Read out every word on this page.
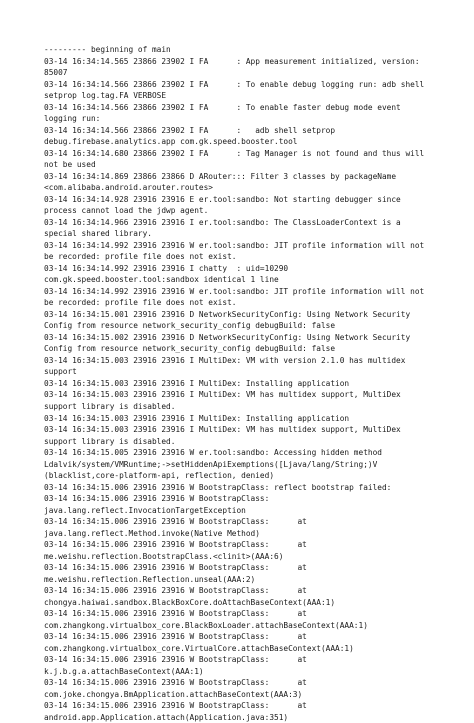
--------- beginning of main
03-14 16:34:14.565 23866 23902 I FA      : App measurement initialized, version:
85007
03-14 16:34:14.566 23866 23902 I FA      : To enable debug logging run: adb shell
setprop log.tag.FA VERBOSE
03-14 16:34:14.566 23866 23902 I FA      : To enable faster debug mode event
logging run:
03-14 16:34:14.566 23866 23902 I FA      :   adb shell setprop
debug.firebase.analytics.app com.gk.speed.booster.tool
03-14 16:34:14.680 23866 23902 I FA      : Tag Manager is not found and thus will
not be used
03-14 16:34:14.869 23866 23866 D ARouter::: Filter 3 classes by packageName
<com.alibaba.android.arouter.routes>
03-14 16:34:14.928 23916 23916 E er.tool:sandbo: Not starting debugger since
process cannot load the jdwp agent.
03-14 16:34:14.966 23916 23916 I er.tool:sandbo: The ClassLoaderContext is a
special shared library.
03-14 16:34:14.992 23916 23916 W er.tool:sandbo: JIT profile information will not
be recorded: profile file does not exist.
03-14 16:34:14.992 23916 23916 I chatty  : uid=10290
com.gk.speed.booster.tool:sandbox identical 1 line
03-14 16:34:14.992 23916 23916 W er.tool:sandbo: JIT profile information will not
be recorded: profile file does not exist.
03-14 16:34:15.001 23916 23916 D NetworkSecurityConfig: Using Network Security
Config from resource network_security_config debugBuild: false
03-14 16:34:15.002 23916 23916 D NetworkSecurityConfig: Using Network Security
Config from resource network_security_config debugBuild: false
03-14 16:34:15.003 23916 23916 I MultiDex: VM with version 2.1.0 has multidex
support
03-14 16:34:15.003 23916 23916 I MultiDex: Installing application
03-14 16:34:15.003 23916 23916 I MultiDex: VM has multidex support, MultiDex
support library is disabled.
03-14 16:34:15.003 23916 23916 I MultiDex: Installing application
03-14 16:34:15.003 23916 23916 I MultiDex: VM has multidex support, MultiDex
support library is disabled.
03-14 16:34:15.005 23916 23916 W er.tool:sandbo: Accessing hidden method
Ldalvik/system/VMRuntime;->setHiddenApiExemptions([Ljava/lang/String;)V
(blacklist,core-platform-api, reflection, denied)
03-14 16:34:15.006 23916 23916 W BootstrapClass: reflect bootstrap failed:
03-14 16:34:15.006 23916 23916 W BootstrapClass:
java.lang.reflect.InvocationTargetException
03-14 16:34:15.006 23916 23916 W BootstrapClass:      at
java.lang.reflect.Method.invoke(Native Method)
03-14 16:34:15.006 23916 23916 W BootstrapClass:      at
me.weishu.reflection.BootstrapClass.<clinit>(AAA:6)
03-14 16:34:15.006 23916 23916 W BootstrapClass:      at
me.weishu.reflection.Reflection.unseal(AAA:2)
03-14 16:34:15.006 23916 23916 W BootstrapClass:      at
chongya.haiwai.sandbox.BlackBoxCore.doAttachBaseContext(AAA:1)
03-14 16:34:15.006 23916 23916 W BootstrapClass:      at
com.zhangkong.virtualbox_core.BlackBoxLoader.attachBaseContext(AAA:1)
03-14 16:34:15.006 23916 23916 W BootstrapClass:      at
com.zhangkong.virtualbox_core.VirtualCore.attachBaseContext(AAA:1)
03-14 16:34:15.006 23916 23916 W BootstrapClass:      at
k.j.b.g.a.attachBaseContext(AAA:1)
03-14 16:34:15.006 23916 23916 W BootstrapClass:      at
com.joke.chongya.BmApplication.attachBaseContext(AAA:3)
03-14 16:34:15.006 23916 23916 W BootstrapClass:      at
android.app.Application.attach(Application.java:351)
